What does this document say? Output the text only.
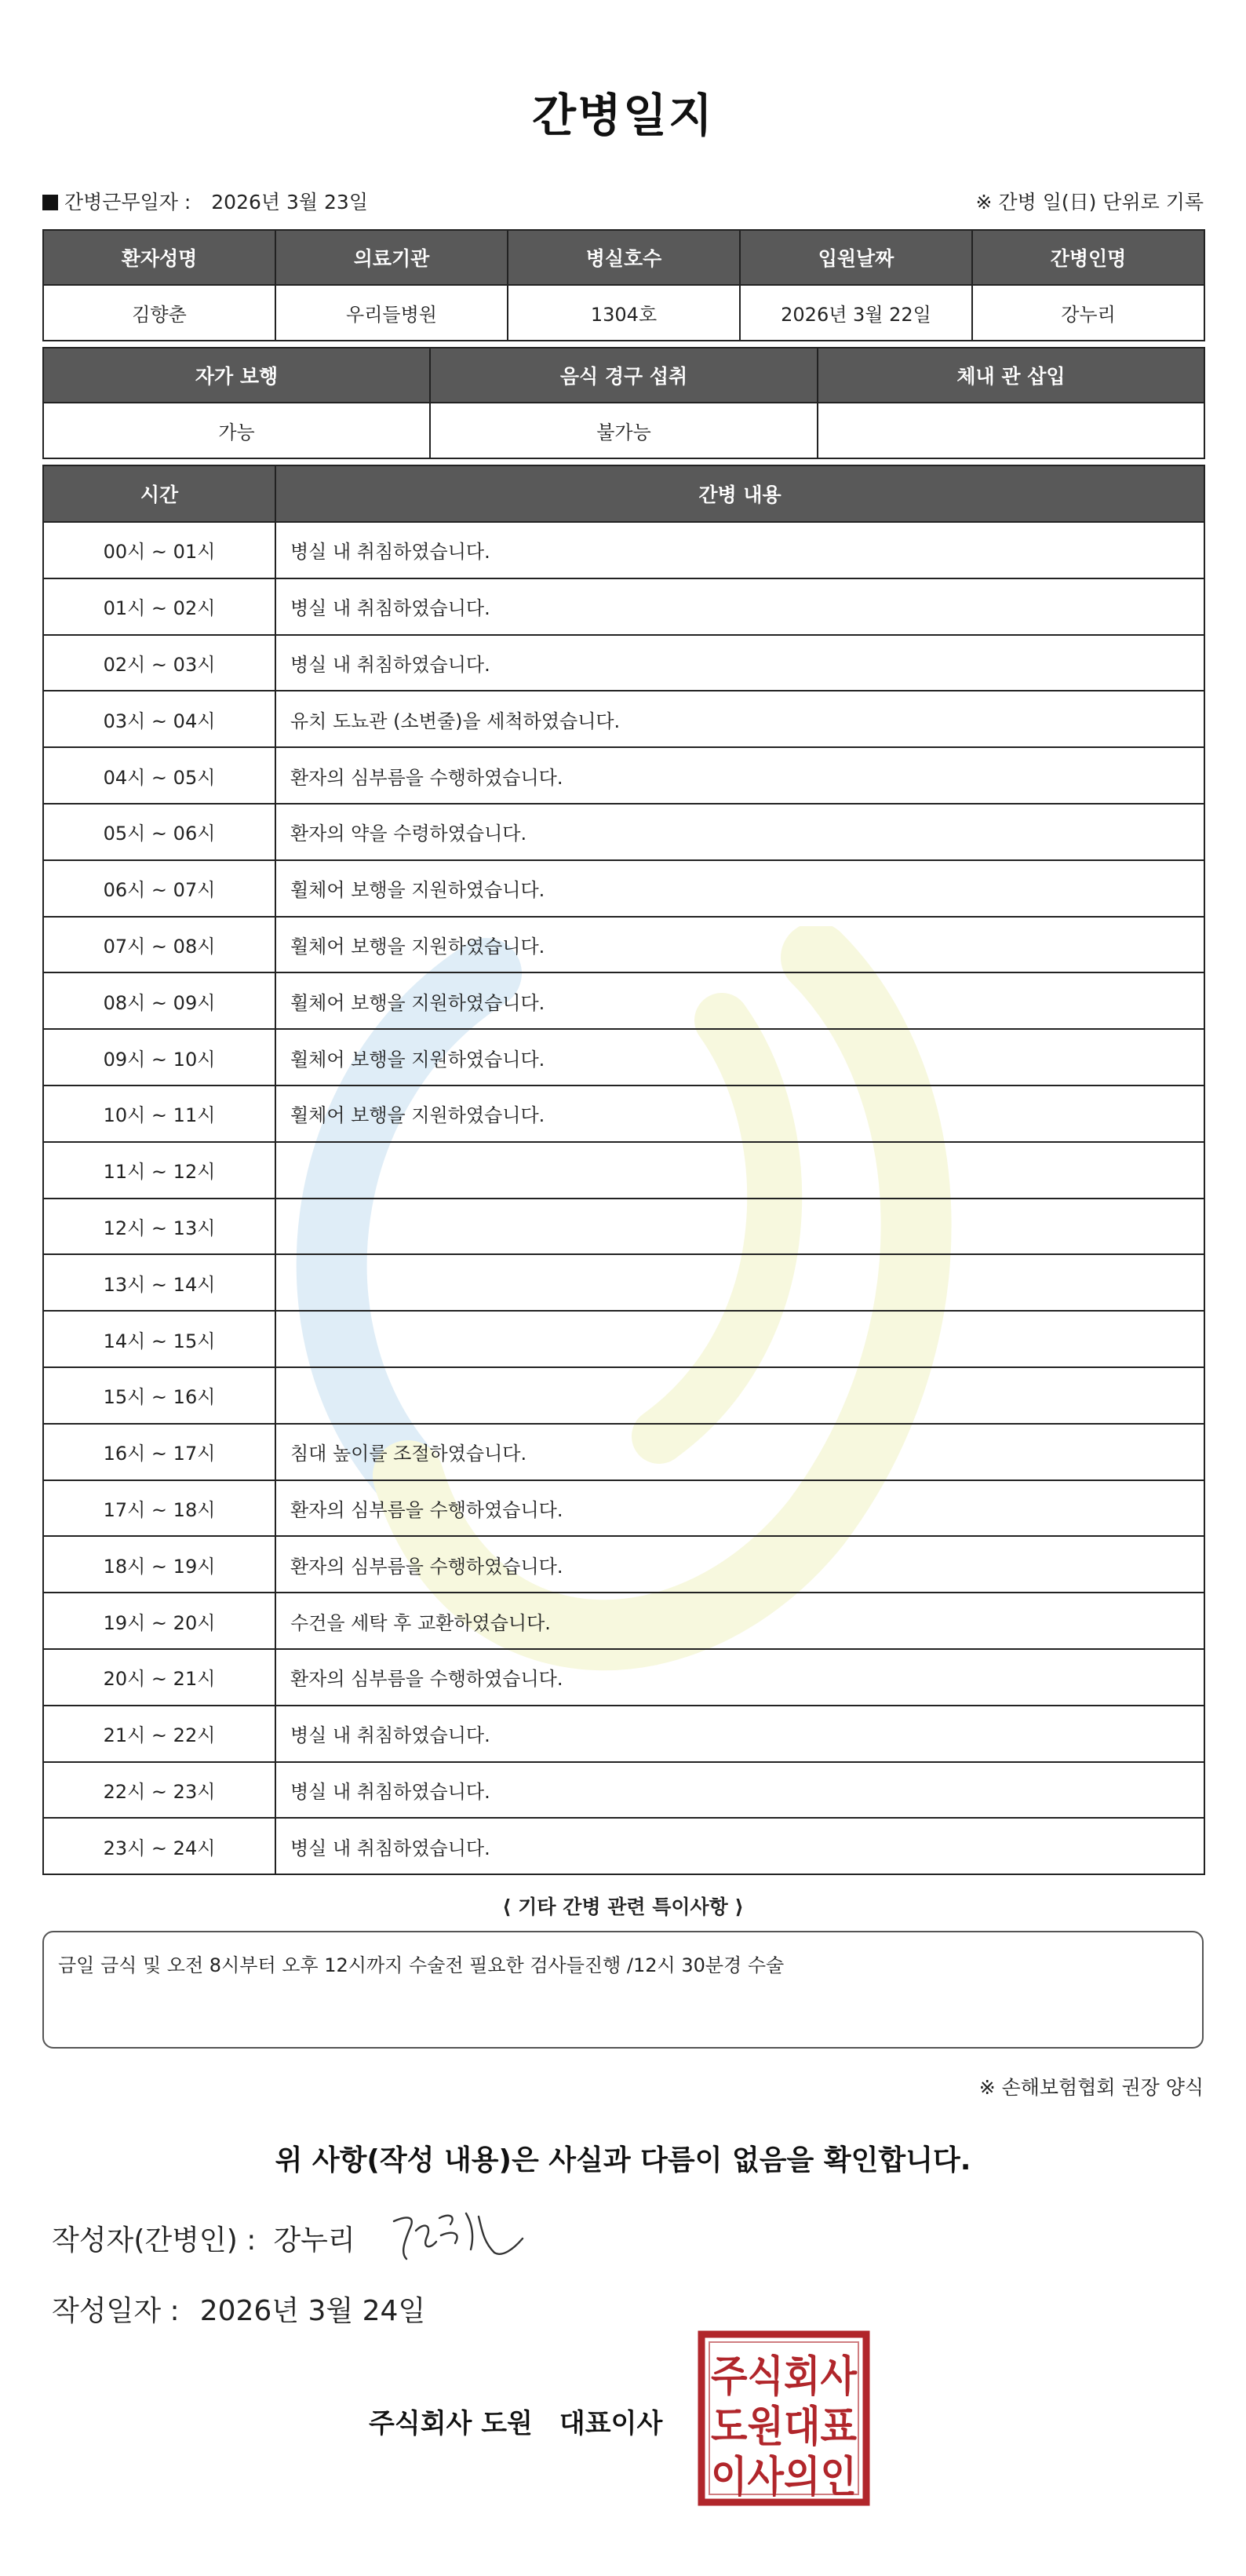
간병일지
간병근무일자 : 2026년 3월 23일	※ 간병 일(日) 단위로 기록
환자성명	의료기관	병실호수	입원날짜	간병인명
김향춘	우리들병원	1304호	2026년 3월 22일	강누리
자가 보행	음식 경구 섭취	체내 관 삽입
가능	불가능	
시간	간병 내용
00시 ~ 01시	병실 내 취침하였습니다.
01시 ~ 02시	병실 내 취침하였습니다.
02시 ~ 03시	병실 내 취침하였습니다.
03시 ~ 04시	유치 도뇨관 (소변줄)을 세척하였습니다.
04시 ~ 05시	환자의 심부름을 수행하였습니다.
05시 ~ 06시	환자의 약을 수령하였습니다.
06시 ~ 07시	휠체어 보행을 지원하였습니다.
07시 ~ 08시	휠체어 보행을 지원하였습니다.
08시 ~ 09시	휠체어 보행을 지원하였습니다.
09시 ~ 10시	휠체어 보행을 지원하였습니다.
10시 ~ 11시	휠체어 보행을 지원하였습니다.
11시 ~ 12시	
12시 ~ 13시	
13시 ~ 14시	
14시 ~ 15시	
15시 ~ 16시	
16시 ~ 17시	침대 높이를 조절하였습니다.
17시 ~ 18시	환자의 심부름을 수행하였습니다.
18시 ~ 19시	환자의 심부름을 수행하였습니다.
19시 ~ 20시	수건을 세탁 후 교환하였습니다.
20시 ~ 21시	환자의 심부름을 수행하였습니다.
21시 ~ 22시	병실 내 취침하였습니다.
22시 ~ 23시	병실 내 취침하였습니다.
23시 ~ 24시	병실 내 취침하였습니다.
⟨ 기타 간병 관련 특이사항 ⟩
금일 금식 및 오전 8시부터 오후 12시까지 수술전 필요한 검사들진행 /12시 30분경 수술
※ 손해보험협회 권장 양식
위 사항(작성 내용)은 사실과 다름이 없음을 확인합니다.
작성자(간병인) : 강누리
작성일자 : 2026년 3월 24일
주식회사 도원 대표이사
주식회사
도원대표
이사의인
